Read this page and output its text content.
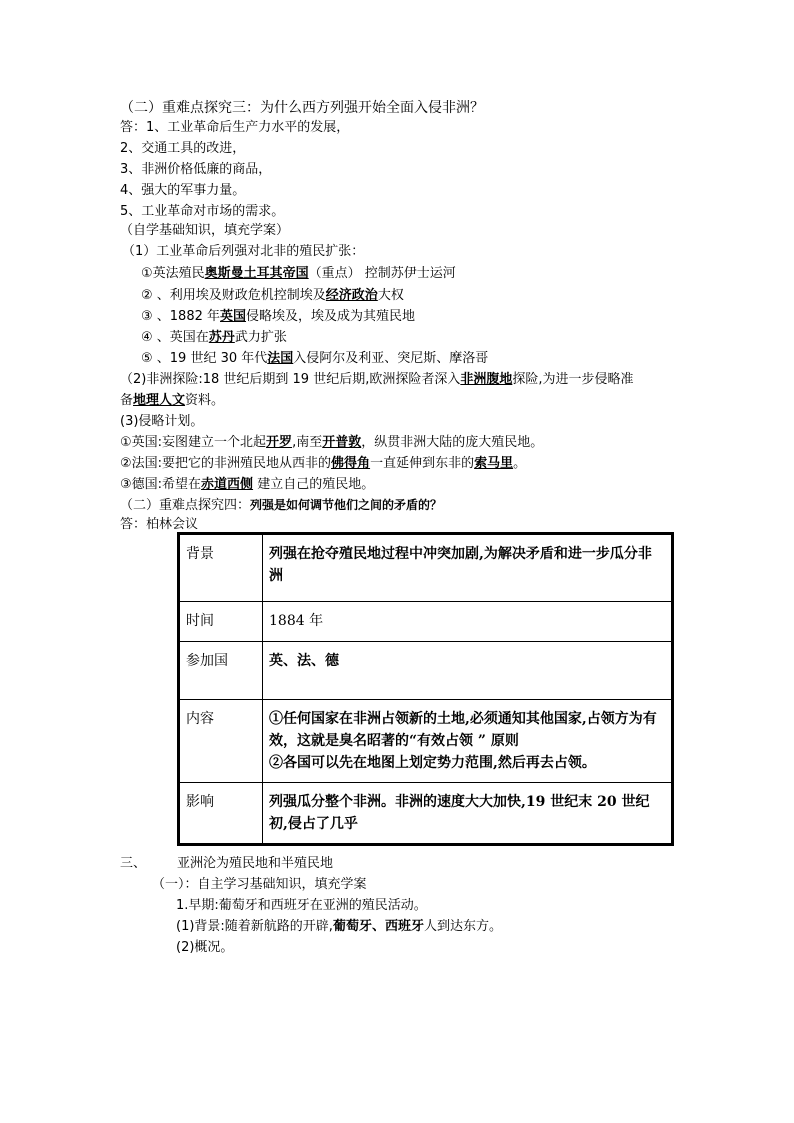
（二）重难点探究三：为什么西方列强开始全面入侵非洲？
答：1、工业革命后生产力水平的发展，
2、交通工具的改进，
3、非洲价格低廉的商品，
4、强大的军事力量。
5、工业革命对市场的需求。
（自学基础知识，填充学案）
（1）工业革命后列强对北非的殖民扩张：
①英法殖民奥斯曼土耳其帝国（重点） 控制苏伊士运河
② 、利用埃及财政危机控制埃及经济政治大权
③ 、1882 年英国侵略埃及，埃及成为其殖民地
④ 、英国在苏丹武力扩张
⑤ 、19 世纪 30 年代法国入侵阿尔及利亚、突尼斯、摩洛哥
（2)非洲探险:18 世纪后期到 19 世纪后期,欧洲探险者深入非洲腹地探险,为进一步侵略准
备地理人文资料。
(3)侵略计划。
①英国:妄图建立一个北起开罗,南至开普敦，纵贯非洲大陆的庞大殖民地。
②法国:要把它的非洲殖民地从西非的佛得角一直延伸到东非的索马里。
③德国:希望在赤道西侧 建立自己的殖民地。
（二）重难点探究四：列强是如何调节他们之间的矛盾的？
答：柏林会议
背景	列强在抢夺殖民地过程中冲突加剧,为解决矛盾和进一步瓜分非洲
时间	1884 年
参加国	英、法、德
内容	①任何国家在非洲占领新的土地,必须通知其他国家,占领方为有效，这就是臭名昭著的“有效占领 ” 原则
②各国可以先在地图上划定势力范围,然后再去占领。

影响	列强瓜分整个非洲。非洲的速度大大加快,19 世纪末 20 世纪初,侵占了几乎
三、 亚洲沦为殖民地和半殖民地
（一）：自主学习基础知识，填充学案
1.早期:葡萄牙和西班牙在亚洲的殖民活动。
(1)背景:随着新航路的开辟,葡萄牙、西班牙人到达东方。
(2)概况。
